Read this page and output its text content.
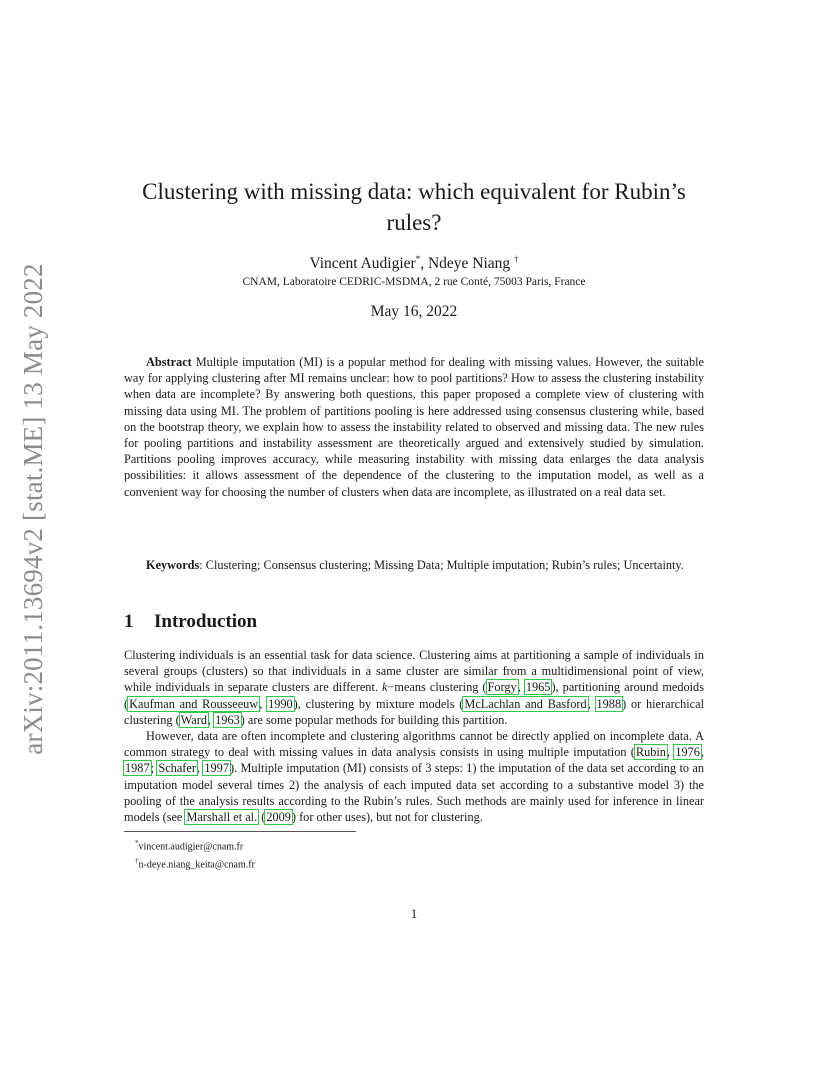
arXiv:2011.13694v2 [stat.ME] 13 May 2022
Clustering with missing data: which equivalent for Rubin’s rules?
Vincent Audigier*, Ndeye Niang †
CNAM, Laboratoire CEDRIC-MSDMA, 2 rue Conté, 75003 Paris, France
May 16, 2022

Abstract Multiple imputation (MI) is a popular method for dealing with missing values. However, the suitable way for applying clustering after MI remains unclear: how to pool partitions? How to assess the clustering instability when data are incomplete? By answering both questions, this paper proposed a complete view of clustering with missing data using MI. The problem of partitions pooling is here addressed using consensus clustering while, based on the bootstrap theory, we explain how to assess the instability related to observed and missing data. The new rules for pooling partitions and instability assessment are theoretically argued and extensively studied by simulation. Partitions pooling improves accuracy, while measuring instability with missing data enlarges the data analysis possibilities: it allows assessment of the dependence of the clustering to the imputation model, as well as a convenient way for choosing the number of clusters when data are incomplete, as illustrated on a real data set.

Keywords: Clustering; Consensus clustering; Missing Data; Multiple imputation; Rubin’s rules; Uncertainty.

1 Introduction

Clustering individuals is an essential task for data science. Clustering aims at partitioning a sample of individuals in several groups (clusters) so that individuals in a same cluster are similar from a multidimensional point of view, while individuals in separate clusters are different. k−means clustering (Forgy, 1965), partitioning around medoids (Kaufman and Rousseeuw, 1990), clustering by mixture models (McLachlan and Basford, 1988) or hierarchical clustering (Ward, 1963) are some popular methods for building this partition.

However, data are often incomplete and clustering algorithms cannot be directly applied on incomplete data. A common strategy to deal with missing values in data analysis consists in using multiple imputation (Rubin, 1976, 1987; Schafer, 1997). Multiple imputation (MI) consists of 3 steps: 1) the imputation of the data set according to an imputation model several times 2) the analysis of each imputed data set according to a substantive model 3) the pooling of the analysis results according to the Rubin’s rules. Such methods are mainly used for inference in linear models (see Marshall et al. (2009) for other uses), but not for clustering.

*vincent.audigier@cnam.fr
†n-deye.niang_keita@cnam.fr
1
